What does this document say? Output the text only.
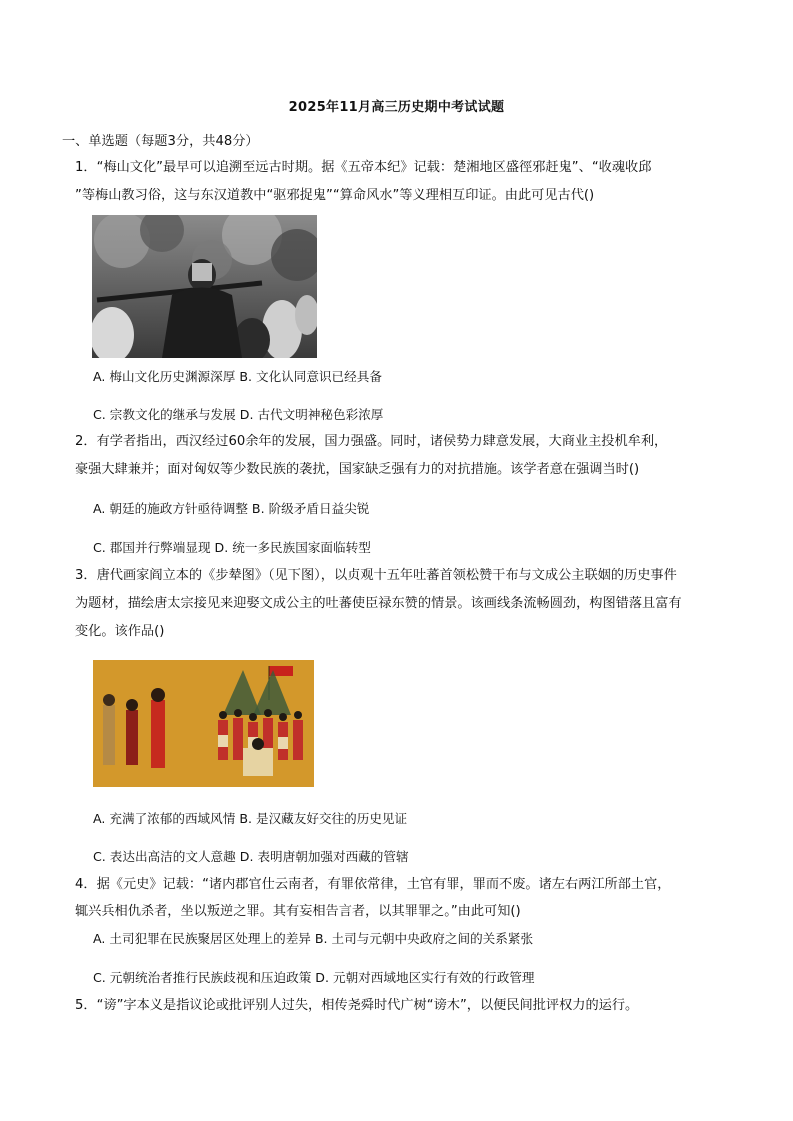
2025年11月高三历史期中考试试题
一、单选题（每题3分，共48分）
1．“梅山文化”最早可以追溯至远古时期。据《五帝本纪》记载：楚湘地区盛徑邪赶鬼”、“收魂收邱
”等梅山教习俗，这与东汉道教中“驱邪捉鬼”“算命风水”等义理相互印证。由此可见古代()
A. 梅山文化历史渊源深厚 B. 文化认同意识已经具备
C. 宗教文化的继承与发展 D. 古代文明神秘色彩浓厚
2．有学者指出，西汉经过60余年的发展，国力强盛。同时，诸侯势力肆意发展，大商业主投机牟利，
豪强大肆兼并；面对匈奴等少数民族的袭扰，国家缺乏强有力的对抗措施。该学者意在强调当时()
A. 朝廷的施政方针亟待调整 B. 阶级矛盾日益尖锐
C. 郡国并行弊端显现 D. 统一多民族国家面临转型
3．唐代画家阎立本的《步辇图》（见下图），以贞观十五年吐蕃首领松赞干布与文成公主联姻的历史事件
为题材，描绘唐太宗接见来迎娶文成公主的吐蕃使臣禄东赞的情景。该画线条流畅圆劲，构图错落且富有
变化。该作品()
A. 充满了浓郁的西域风情 B. 是汉藏友好交往的历史见证
C. 表达出高洁的文人意趣 D. 表明唐朝加强对西藏的管辖
4．据《元史》记载：“诸内郡官仕云南者，有罪依常律，土官有罪，罪而不废。诸左右两江所部土官，
辄兴兵相仇杀者，坐以叛逆之罪。其有妄相告言者，以其罪罪之。”由此可知()
A. 土司犯罪在民族聚居区处理上的差异 B. 土司与元朝中央政府之间的关系紧张
C. 元朝统治者推行民族歧视和压迫政策 D. 元朝对西域地区实行有效的行政管理
5．“谤”字本义是指议论或批评别人过失，相传尧舜时代广树“谤木”，以便民间批评权力的运行。
